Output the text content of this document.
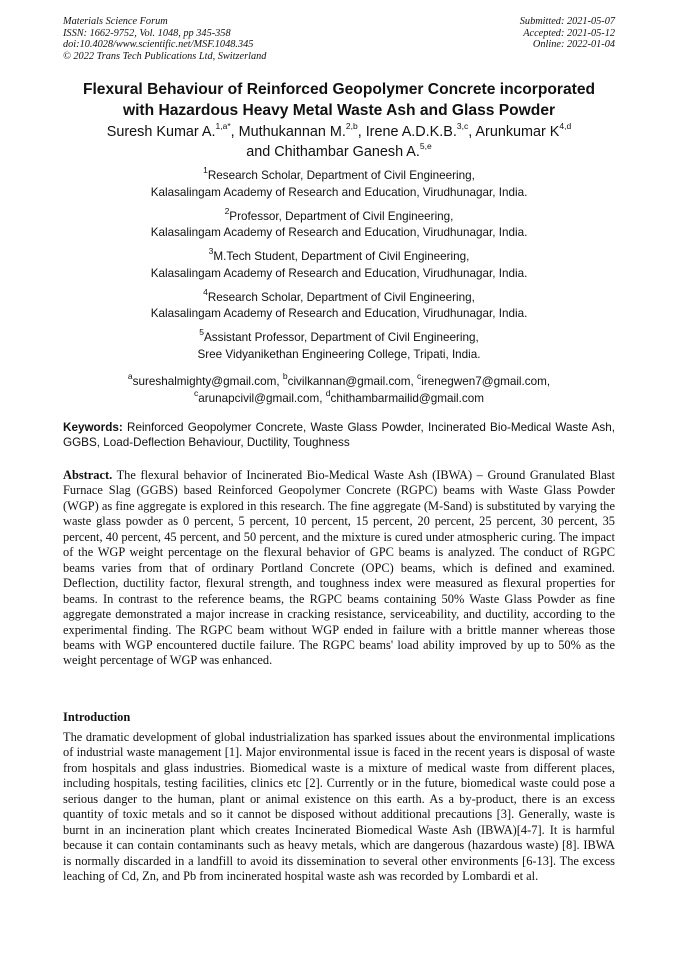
Materials Science Forum
ISSN: 1662-9752, Vol. 1048, pp 345-358
doi:10.4028/www.scientific.net/MSF.1048.345
© 2022 Trans Tech Publications Ltd, Switzerland
Submitted: 2021-05-07
Accepted: 2021-05-12
Online: 2022-01-04
Flexural Behaviour of Reinforced Geopolymer Concrete incorporated
with Hazardous Heavy Metal Waste Ash and Glass Powder
Suresh Kumar A.$^{1,a*}$, Muthukannan M.$^{2,b}$, Irene A.D.K.B.$^{3,c}$, Arunkumar K$^{4,d}$
and Chithambar Ganesh A.$^{5,e}$
$^1$Research Scholar, Department of Civil Engineering,
Kalasalingam Academy of Research and Education, Virudhunagar, India.
$^2$Professor, Department of Civil Engineering,
Kalasalingam Academy of Research and Education, Virudhunagar, India.
$^3$M.Tech Student, Department of Civil Engineering,
Kalasalingam Academy of Research and Education, Virudhunagar, India.
$^4$Research Scholar, Department of Civil Engineering,
Kalasalingam Academy of Research and Education, Virudhunagar, India.
$^5$Assistant Professor, Department of Civil Engineering,
Sree Vidyanikethan Engineering College, Tripati, India.
$^a$sureshalmighty@gmail.com, $^b$civilkannan@gmail.com, $^c$irenegwen7@gmail.com,
$^c$arunapcivil@gmail.com, $^d$chithambarmailid@gmail.com
Keywords: Reinforced Geopolymer Concrete, Waste Glass Powder, Incinerated Bio-Medical Waste Ash, GGBS, Load-Deflection Behaviour, Ductility, Toughness
Abstract. The flexural behavior of Incinerated Bio-Medical Waste Ash (IBWA) – Ground Granulated Blast Furnace Slag (GGBS) based Reinforced Geopolymer Concrete (RGPC) beams with Waste Glass Powder (WGP) as fine aggregate is explored in this research. The fine aggregate (M-Sand) is substituted by varying the waste glass powder as 0 percent, 5 percent, 10 percent, 15 percent, 20 percent, 25 percent, 30 percent, 35 percent, 40 percent, 45 percent, and 50 percent, and the mixture is cured under atmospheric curing. The impact of the WGP weight percentage on the flexural behavior of GPC beams is analyzed. The conduct of RGPC beams varies from that of ordinary Portland Concrete (OPC) beams, which is defined and examined. Deflection, ductility factor, flexural strength, and toughness index were measured as flexural properties for beams. In contrast to the reference beams, the RGPC beams containing 50% Waste Glass Powder as fine aggregate demonstrated a major increase in cracking resistance, serviceability, and ductility, according to the experimental finding. The RGPC beam without WGP ended in failure with a brittle manner whereas those beams with WGP encountered ductile failure. The RGPC beams' load ability improved by up to 50% as the weight percentage of WGP was enhanced.
Introduction
The dramatic development of global industrialization has sparked issues about the environmental implications of industrial waste management [1]. Major environmental issue is faced in the recent years is disposal of waste from hospitals and glass industries. Biomedical waste is a mixture of medical waste from different places, including hospitals, testing facilities, clinics etc [2]. Currently or in the future, biomedical waste could pose a serious danger to the human, plant or animal existence on this earth. As a by-product, there is an excess quantity of toxic metals and so it cannot be disposed without additional precautions [3]. Generally, waste is burnt in an incineration plant which creates Incinerated Biomedical Waste Ash (IBWA)[4-7]. It is harmful because it can contain contaminants such as heavy metals, which are dangerous (hazardous waste) [8]. IBWA is normally discarded in a landfill to avoid its dissemination to several other environments [6-13]. The excess leaching of Cd, Zn, and Pb from incinerated hospital waste ash was recorded by Lombardi et al.
